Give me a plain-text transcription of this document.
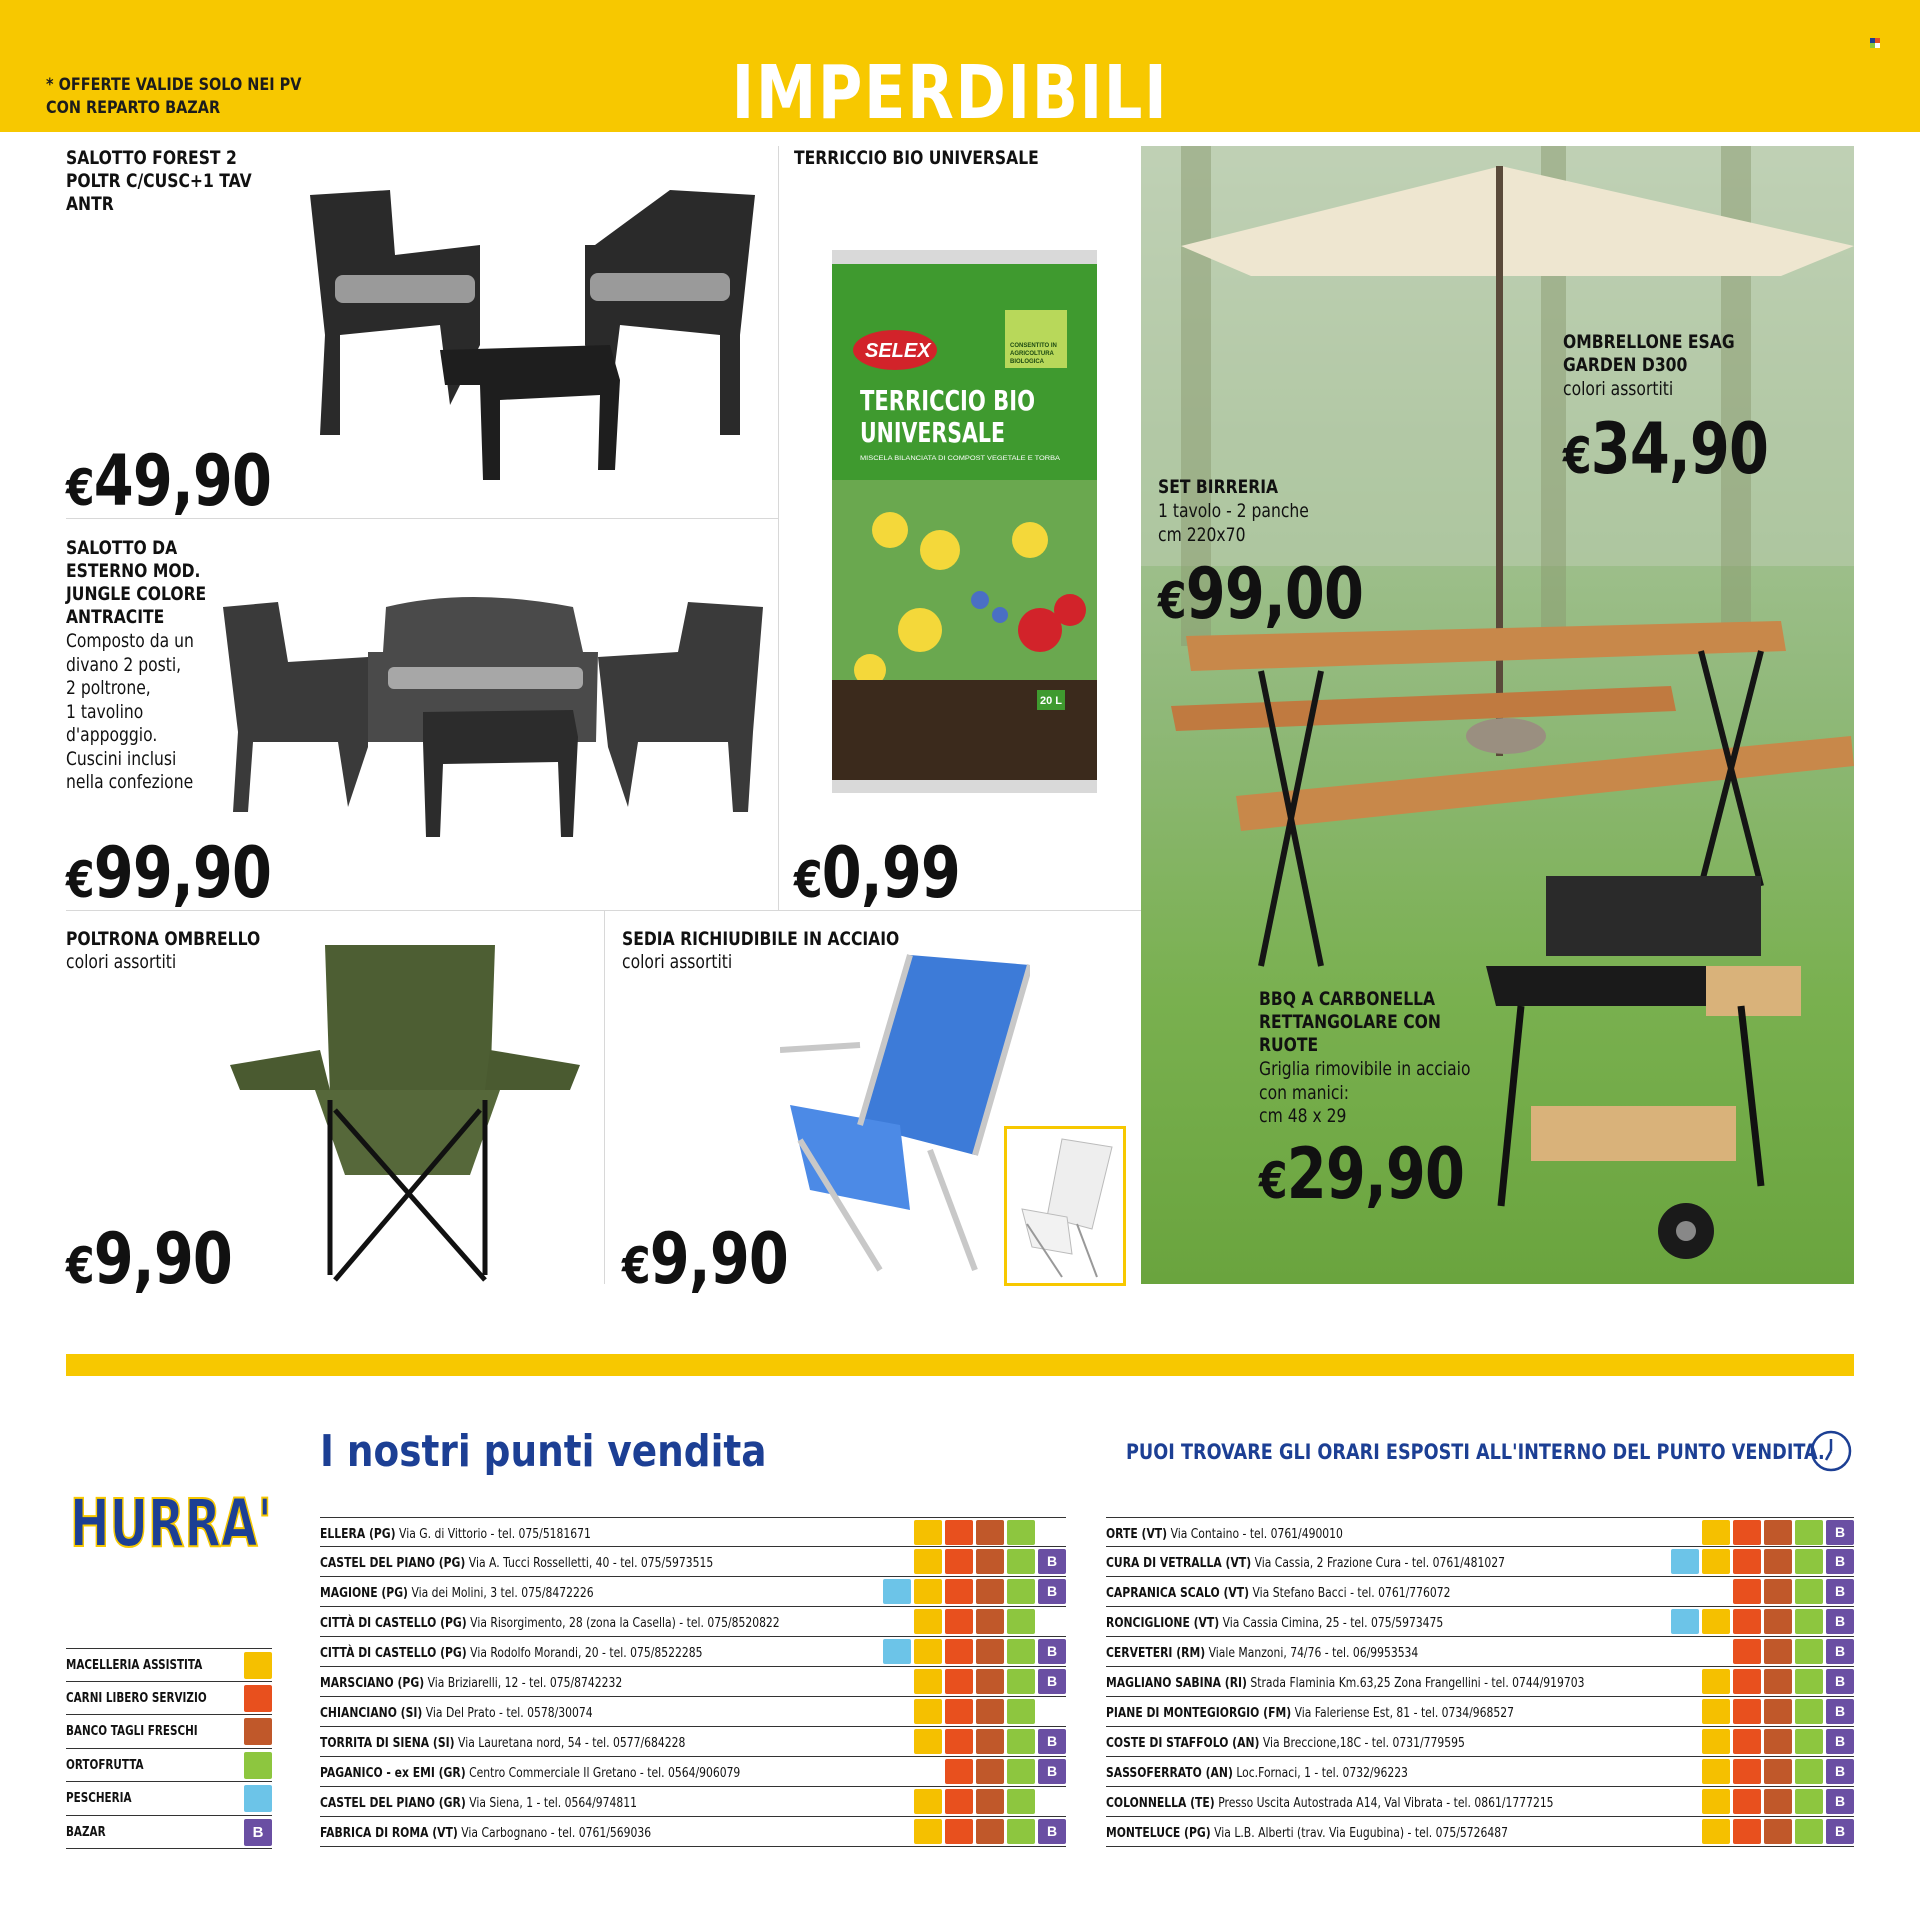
* OFFERTE VALIDE SOLO NEI PV
CON REPARTO BAZAR	IMPERDIBILI
SALOTTO FOREST 2
POLTR C/CUSC+1 TAV
ANTR
€49,90
TERRICCIO BIO UNIVERSALE
20 L
SELEX	CONSENTITO IN
AGRICOLTURA
BIOLOGICA
TERRICCIO BIO
UNIVERSALE
MISCELA BILANCIATA DI COMPOST VEGETALE E TORBA
€0,99
SALOTTO DA
ESTERNO MOD.
JUNGLE COLORE
ANTRACITE
Composto da un
divano 2 posti,
2 poltrone,
1 tavolino
d'appoggio.
Cuscini inclusi
nella confezione
€99,90
POLTRONA OMBRELLO
colori assortiti
€9,90
SEDIA RICHIUDIBILE IN ACCIAIO
colori assortiti
€9,90
OMBRELLONE ESAG
GARDEN D300
colori assortiti
€34,90
SET BIRRERIA
1 tavolo - 2 panche
cm 220x70
€99,00
BBQ A CARBONELLA
RETTANGOLARE CON
RUOTE
Griglia rimovibile in acciaio
con manici:
cm 48 x 29
€29,90
HURRA'
I nostri punti vendita	PUOI TROVARE GLI ORARI ESPOSTI ALL'INTERNO DEL PUNTO VENDITA.
MACELLERIA ASSISTITA
CARNI LIBERO SERVIZIO
BANCO TAGLI FRESCHI
ORTOFRUTTA
PESCHERIA
BAZAR	B
ELLERA (PG) Via G. di Vittorio - tel. 075/5181671
CASTEL DEL PIANO (PG) Via A. Tucci Rosselletti, 40 - tel. 075/5973515	B
MAGIONE (PG) Via dei Molini, 3 tel. 075/8472226	B
CITTÀ DI CASTELLO (PG) Via Risorgimento, 28 (zona la Casella) - tel. 075/8520822
CITTÀ DI CASTELLO (PG) Via Rodolfo Morandi, 20 - tel. 075/8522285	B
MARSCIANO (PG) Via Briziarelli, 12 - tel. 075/8742232	B
CHIANCIANO (SI) Via Del Prato - tel. 0578/30074
TORRITA DI SIENA (SI) Via Lauretana nord, 54 - tel. 0577/684228	B
PAGANICO - ex EMI (GR) Centro Commerciale Il Gretano - tel. 0564/906079	B
CASTEL DEL PIANO (GR) Via Siena, 1 - tel. 0564/974811
FABRICA DI ROMA (VT) Via Carbognano - tel. 0761/569036	B
ORTE (VT) Via Containo - tel. 0761/490010	B
CURA DI VETRALLA (VT) Via Cassia, 2 Frazione Cura - tel. 0761/481027	B
CAPRANICA SCALO (VT) Via Stefano Bacci - tel. 0761/776072	B
RONCIGLIONE (VT) Via Cassia Cimina, 25 - tel. 075/5973475	B
CERVETERI (RM) Viale Manzoni, 74/76 - tel. 06/9953534	B
MAGLIANO SABINA (RI) Strada Flaminia Km.63,25 Zona Frangellini - tel. 0744/919703	B
PIANE DI MONTEGIORGIO (FM) Via Faleriense Est, 81 - tel. 0734/968527	B
COSTE DI STAFFOLO (AN) Via Breccione,18C - tel. 0731/779595	B
SASSOFERRATO (AN) Loc.Fornaci, 1 - tel. 0732/96223	B
COLONNELLA (TE) Presso Uscita Autostrada A14, Val Vibrata - tel. 0861/1777215	B
MONTELUCE (PG) Via L.B. Alberti (trav. Via Eugubina) - tel. 075/5726487	B
